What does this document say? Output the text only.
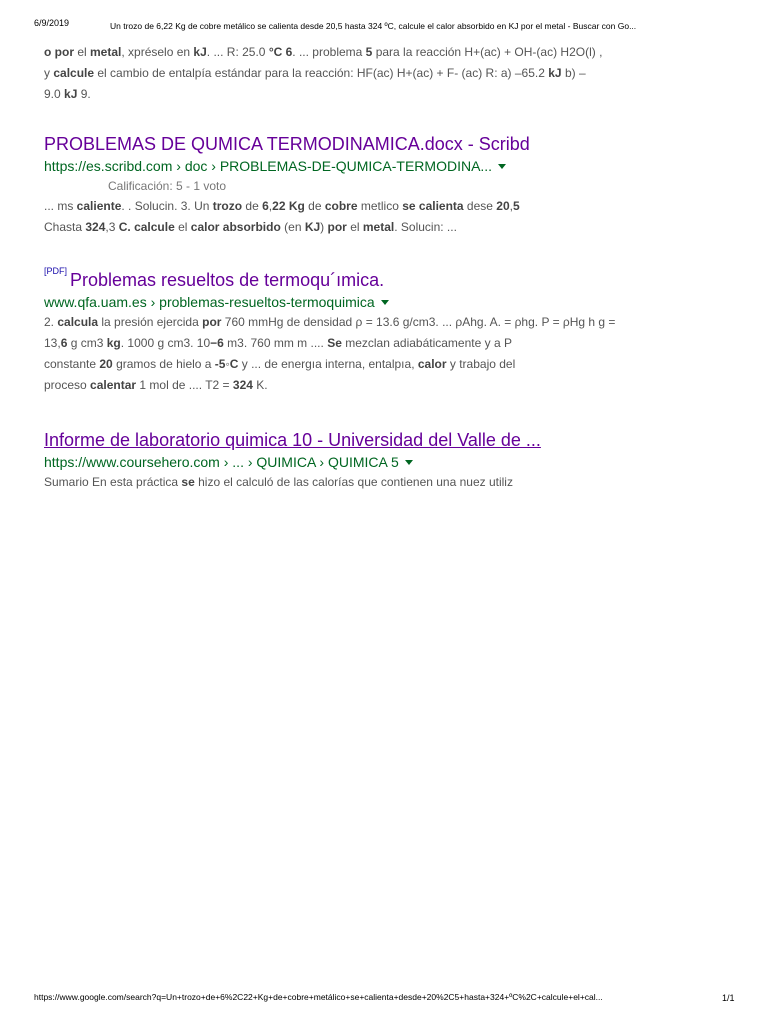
6/9/2019	Un trozo de 6,22 Kg de cobre metálico se calienta desde 20,5 hasta 324 ºC, calcule el calor absorbido en KJ por el metal - Buscar con Go...
o por el metal, xpréselo en kJ. ... R: 25.0 °C 6. ... problema 5 para la reacción H+(ac) + OH-(ac) H2O(l) ,
y calcule el cambio de entalpía estándar para la reacción: HF(ac) H+(ac) + F- (ac) R: a) –65.2 kJ b) –
9.0 kJ 9.
PROBLEMAS DE QUMICA TERMODINAMICA.docx - Scribd
https://es.scribd.com › doc › PROBLEMAS-DE-QUMICA-TERMODINA...
Calificación: 5 - 1 voto
... ms caliente. . Solucin. 3. Un trozo de 6,22 Kg de cobre metlico se calienta dese 20,5
Chasta 324,3 C. calcule el calor absorbido (en KJ) por el metal. Solucin: ...
[PDF] Problemas resueltos de termoqu´ımica.
www.qfa.uam.es › problemas-resueltos-termoquimica
2. calcula la presión ejercida por 760 mmHg de densidad ρ = 13.6 g/cm3. ... ρAhg. A. = ρhg. P = ρHg h g =
13,6 g cm3 kg. 1000 g cm3. 10−6 m3. 760 mm m .... Se mezclan adiabáticamente y a P
constante 20 gramos de hielo a -5◦C y ... de energıa interna, entalpıa, calor y trabajo del
proceso calentar 1 mol de .... T2 = 324 K.
Informe de laboratorio quimica 10 - Universidad del Valle de ...
https://www.coursehero.com › ... › QUIMICA › QUIMICA 5
Sumario En esta práctica se hizo el calculó de las calorías que contienen una nuez utiliz
https://www.google.com/search?q=Un+trozo+de+6%2C22+Kg+de+cobre+metálico+se+calienta+desde+20%2C5+hasta+324+ºC%2C+calcule+el+cal...	1/1
